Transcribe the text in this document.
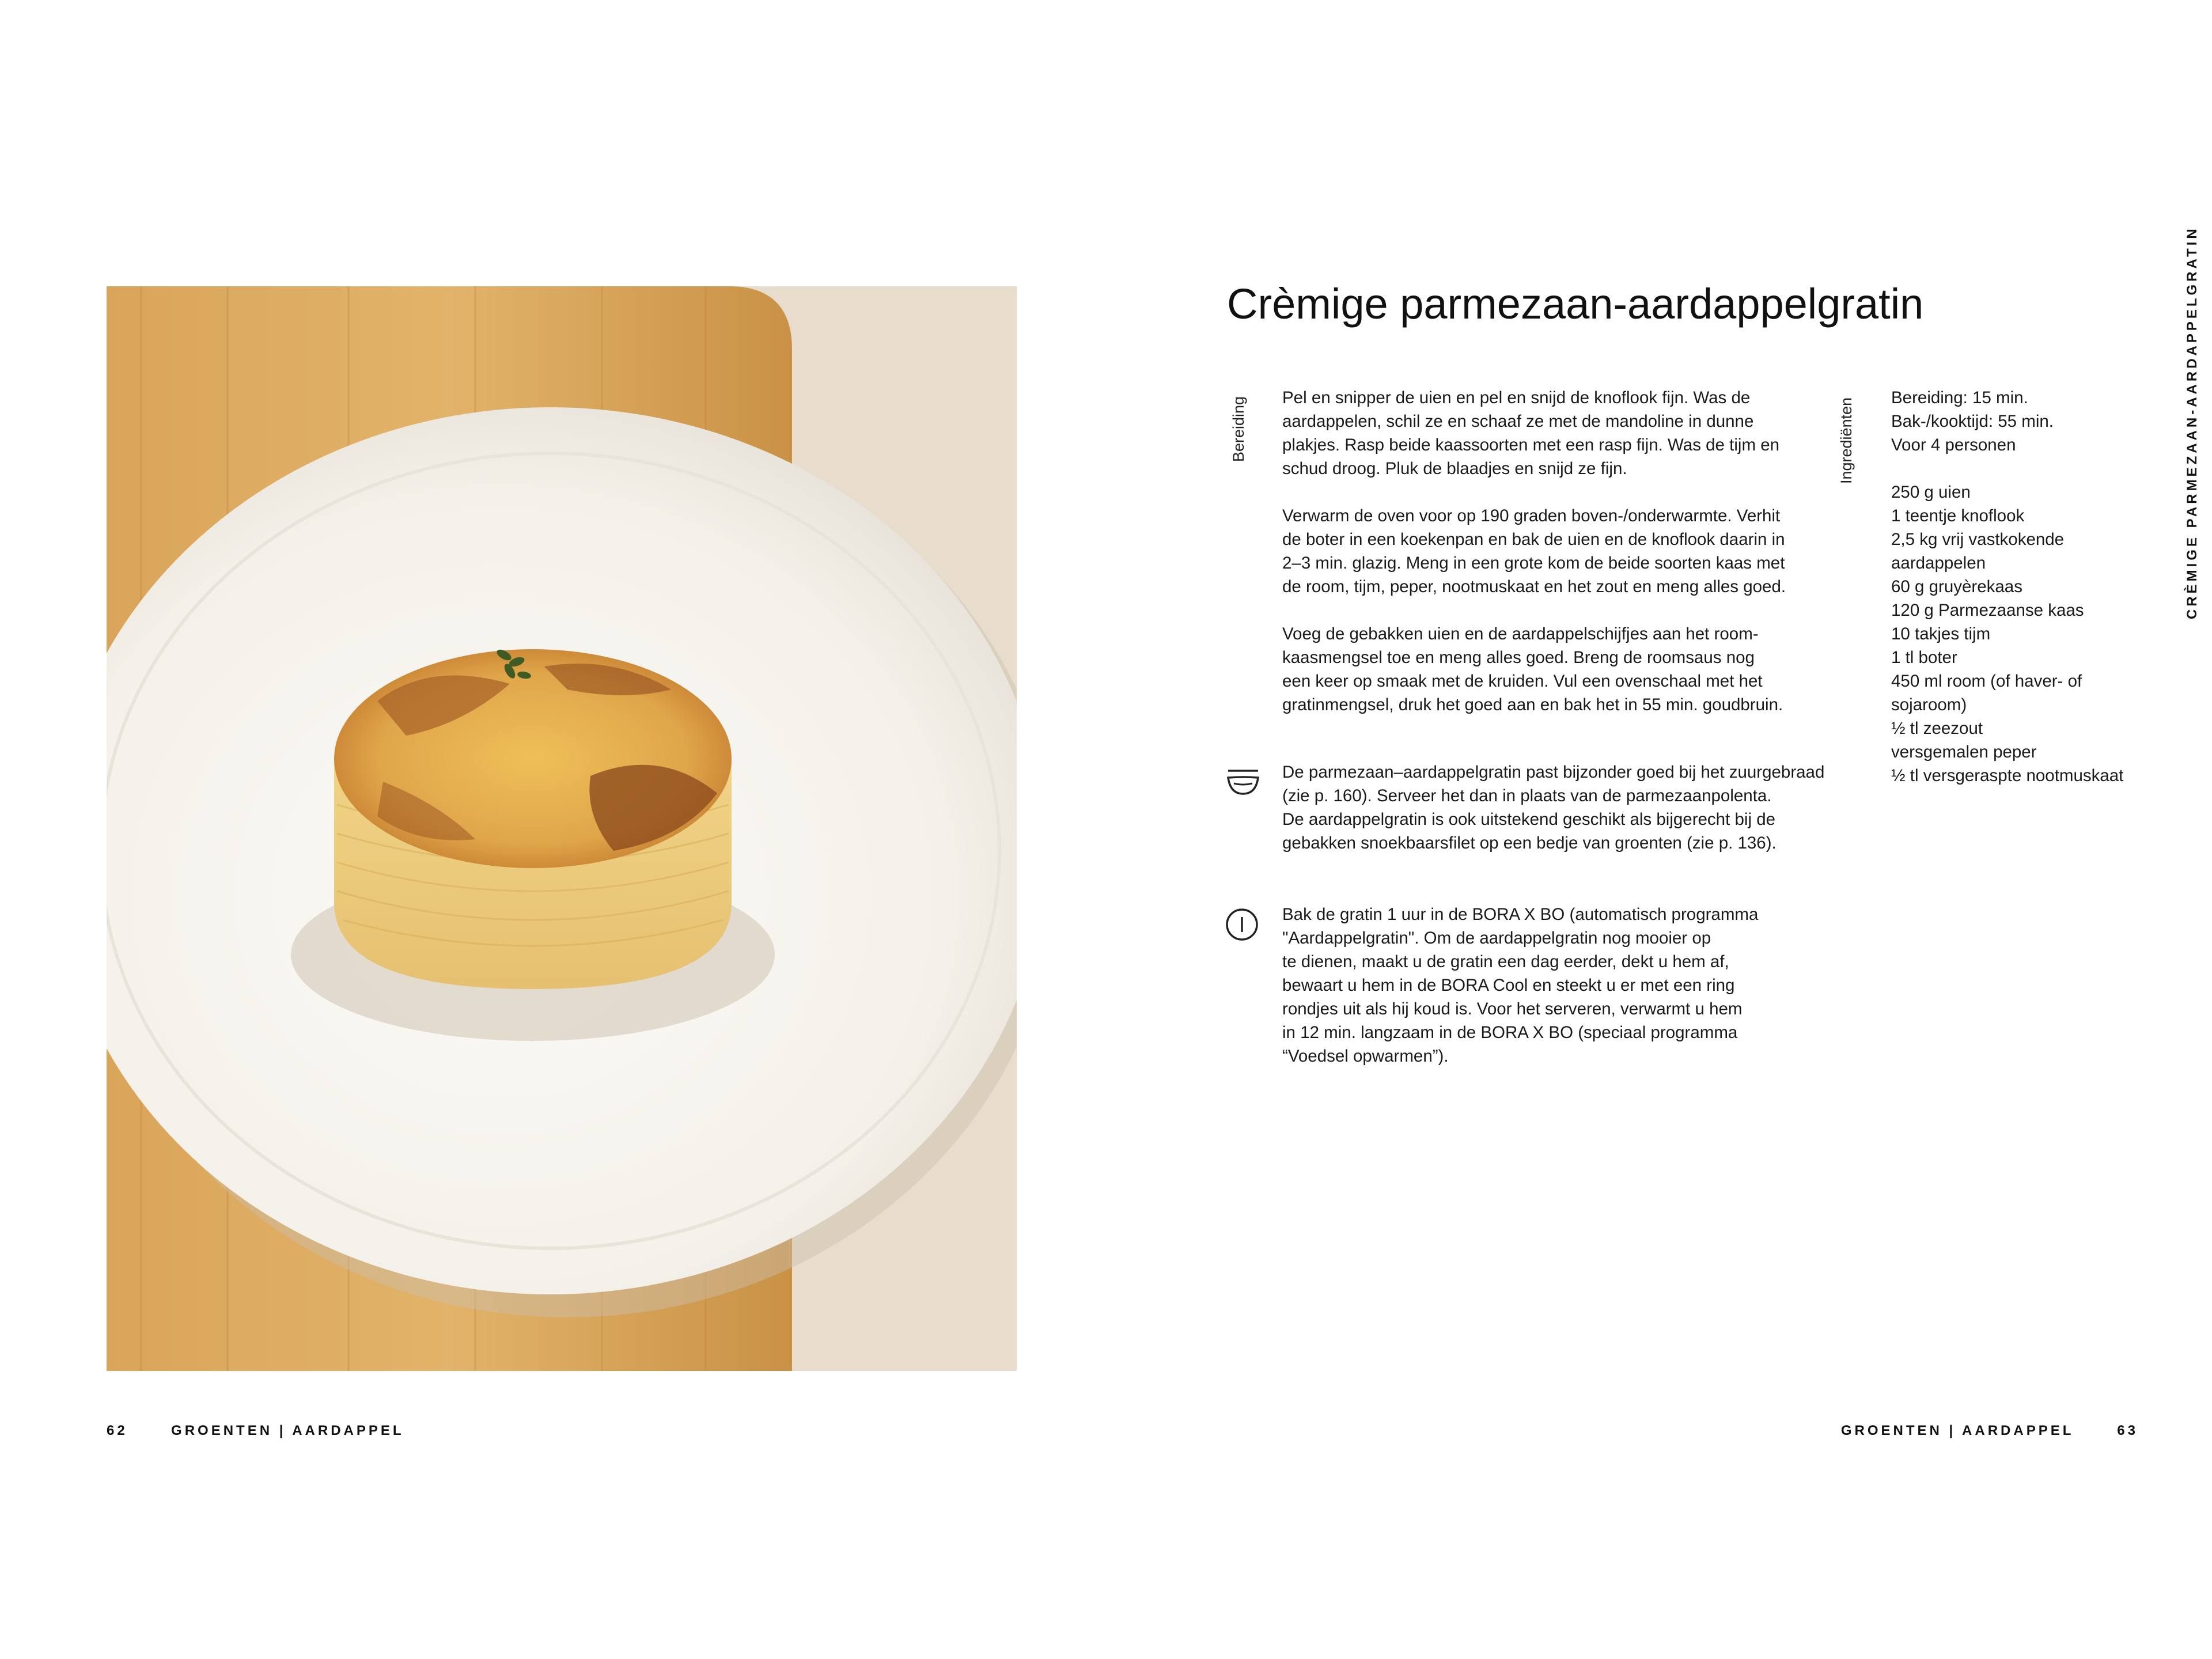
62	GROENTEN | AARDAPPEL
Crèmige parmezaan-aardappelgratin
Bereiding	Ingrediënten
Pel en snipper de uien en pel en snijd de knoflook fijn. Was de
aardappelen, schil ze en schaaf ze met de mandoline in dunne
plakjes. Rasp beide kaassoorten met een rasp fijn. Was de tijm en
schud droog. Pluk de blaadjes en snijd ze fijn.
Verwarm de oven voor op 190 graden boven-/onderwarmte. Verhit
de boter in een koekenpan en bak de uien en de knoflook daarin in
2–3 min. glazig. Meng in een grote kom de beide soorten kaas met
de room, tijm, peper, nootmuskaat en het zout en meng alles goed.
Voeg de gebakken uien en de aardappelschijfjes aan het room-
kaasmengsel toe en meng alles goed. Breng de roomsaus nog
een keer op smaak met de kruiden. Vul een ovenschaal met het
gratinmengsel, druk het goed aan en bak het in 55 min. goudbruin.
De parmezaan–aardappelgratin past bijzonder goed bij het zuurgebraad
(zie p. 160). Serveer het dan in plaats van de parmezaanpolenta.
De aardappelgratin is ook uitstekend geschikt als bijgerecht bij de
gebakken snoekbaarsfilet op een bedje van groenten (zie p. 136).
Bak de gratin 1 uur in de BORA X BO (automatisch programma
"Aardappelgratin". Om de aardappelgratin nog mooier op
te dienen, maakt u de gratin een dag eerder, dekt u hem af,
bewaart u hem in de BORA Cool en steekt u er met een ring
rondjes uit als hij koud is. Voor het serveren, verwarmt u hem
in 12 min. langzaam in de BORA X BO (speciaal programma
“Voedsel opwarmen”).
Bereiding: 15 min.
Bak-/kooktijd: 55 min.
Voor 4 personen
250 g uien
1 teentje knoflook
2,5 kg vrij vastkokende
aardappelen
60 g gruyèrekaas
120 g Parmezaanse kaas
10 takjes tijm
1 tl boter
450 ml room (of haver- of
sojaroom)
½ tl zeezout
versgemalen peper
½ tl versgeraspte nootmuskaat
CRÈMIGE PARMEZAAN-AARDAPPELGRATIN
GROENTEN | AARDAPPEL	63
